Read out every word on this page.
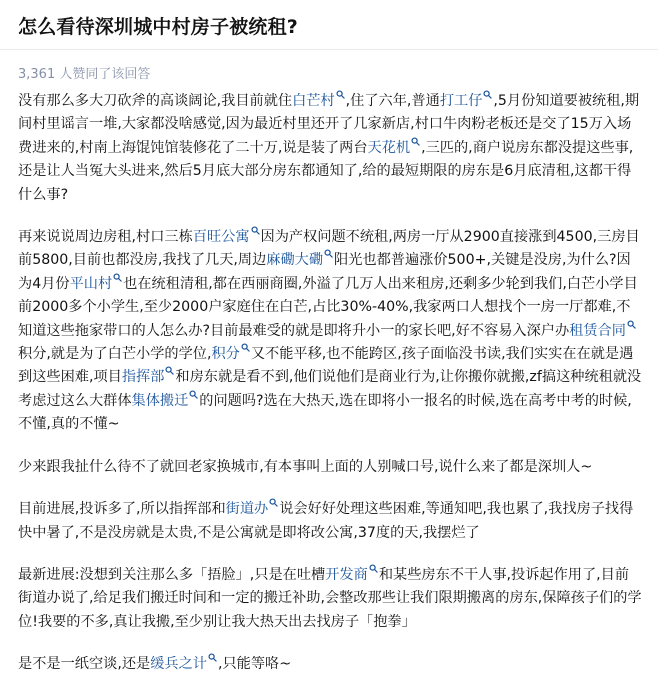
怎么看待深圳城中村房子被统租?
3,361 人赞同了该回答

没有那么多大刀砍斧的高谈阔论,我目前就住白芒村 ,住了六年,普通打工仔 ,5月份知道要被统租,期间村里谣言一堆,大家都没啥感觉,因为最近村里还开了几家新店,村口牛肉粉老板还是交了15万入场费进来的,村南上海馄饨馆装修花了二十万,说是装了两台天花机 ,三匹的,商户说房东都没提这些事,还是让人当冤大头进来,然后5月底大部分房东都通知了,给的最短期限的房东是6月底清租,这都干得什么事?

再来说说周边房租,村口三栋百旺公寓 因为产权问题不统租,两房一厅从2900直接涨到4500,三房目前5800,目前也都没房,我找了几天,周边麻磡大磡 阳光也都普遍涨价500+,关键是没房,为什么?因为4月份平山村 也在统租清租,都在西丽商圈,外溢了几万人出来租房,还剩多少轮到我们,白芒小学目前2000多个小学生,至少2000户家庭住在白芒,占比30%-40%,我家两口人想找个一房一厅都难,不知道这些拖家带口的人怎么办?目前最难受的就是即将升小一的家长吧,好不容易入深户办租赁合同
积分,就是为了白芒小学的学位,积分 又不能平移,也不能跨区,孩子面临没书读,我们实实在在就是遇到这些困难,项目指挥部 和房东就是看不到,他们说他们是商业行为,让你搬你就搬,zf搞这种统租就没考虑过这么大群体集体搬迁 的问题吗?选在大热天,选在即将小一报名的时候,选在高考中考的时候,不懂,真的不懂~

少来跟我扯什么待不了就回老家换城市,有本事叫上面的人别喊口号,说什么来了都是深圳人~

目前进展,投诉多了,所以指挥部和街道办 说会好好处理这些困难,等通知吧,我也累了,我找房子找得快中暑了,不是没房就是太贵,不是公寓就是即将改公寓,37度的天,我摆烂了

最新进展:没想到关注那么多「捂脸」,只是在吐槽开发商 和某些房东不干人事,投诉起作用了,目前街道办说了,给足我们搬迁时间和一定的搬迁补助,会整改那些让我们限期搬离的房东,保障孩子们的学位!我要的不多,真让我搬,至少别让我大热天出去找房子「抱拳」

是不是一纸空谈,还是缓兵之计 ,只能等咯~
